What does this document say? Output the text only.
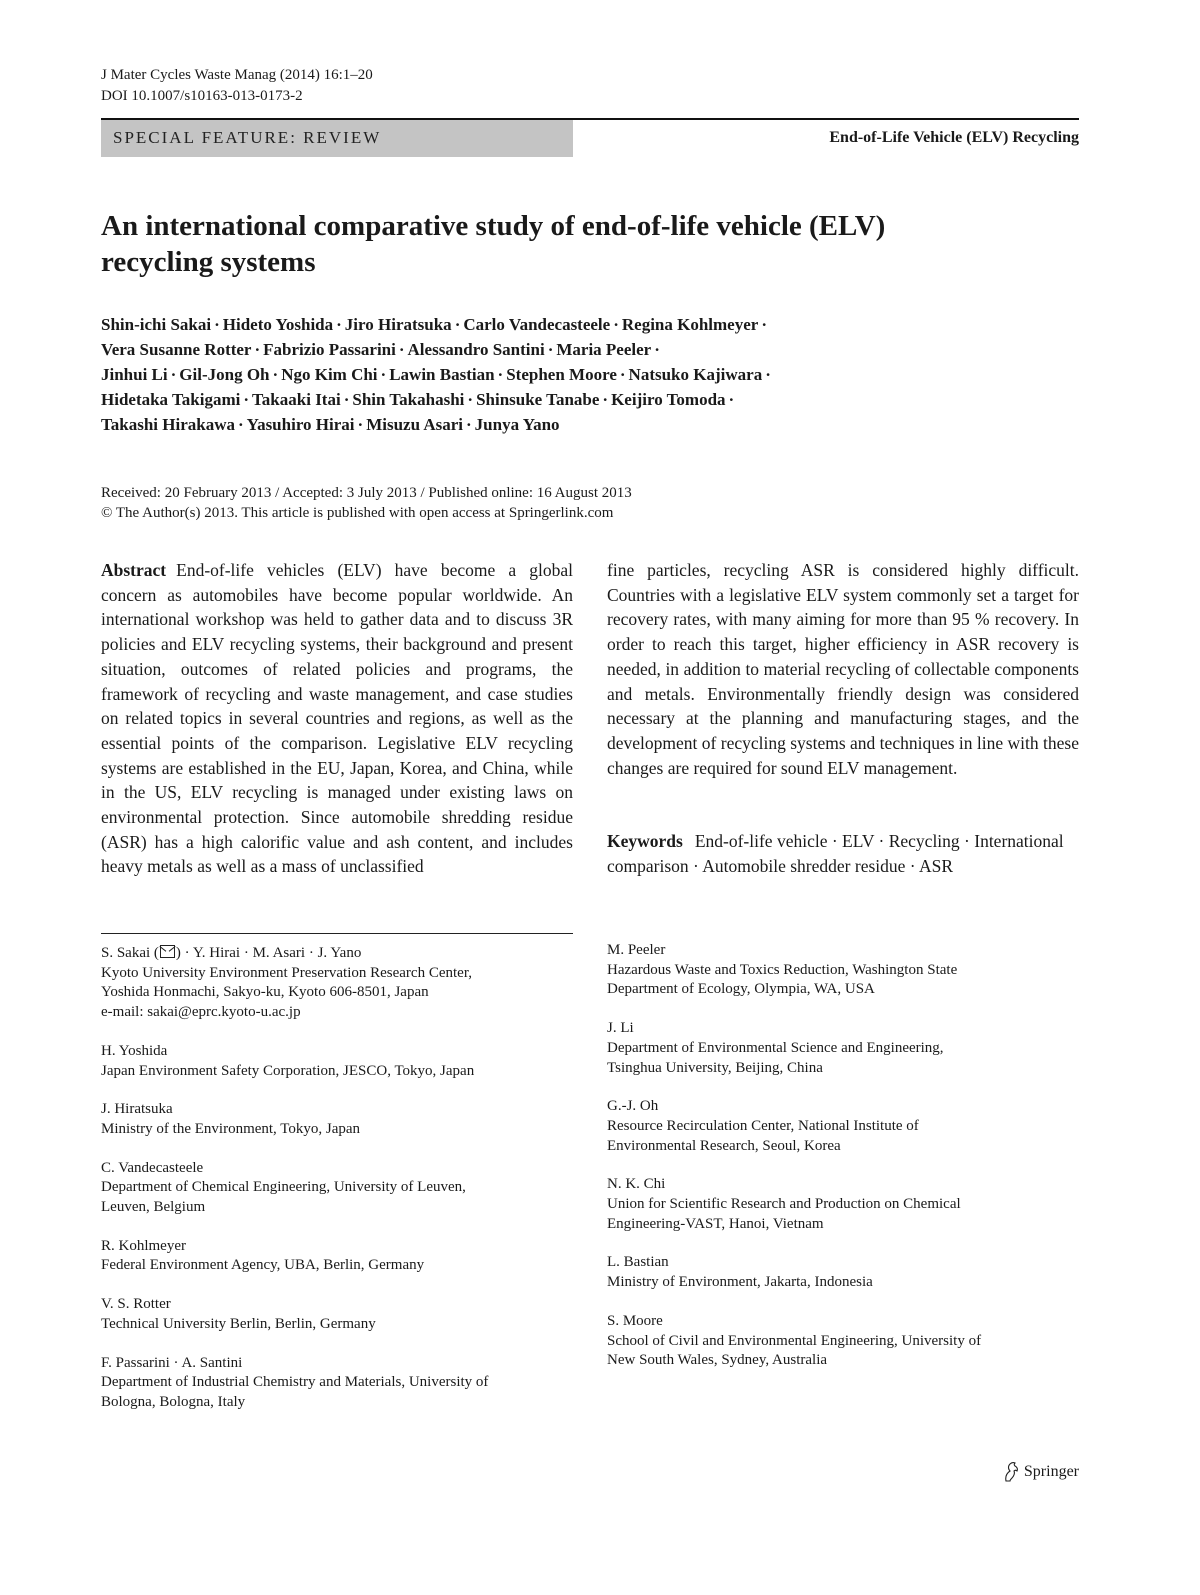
J Mater Cycles Waste Manag (2014) 16:1–20
DOI 10.1007/s10163-013-0173-2
SPECIAL FEATURE: REVIEW	End-of-Life Vehicle (ELV) Recycling
An international comparative study of end-of-life vehicle (ELV)
recycling systems
Shin-ichi Sakai · Hideto Yoshida · Jiro Hiratsuka · Carlo Vandecasteele · Regina Kohlmeyer ·
Vera Susanne Rotter · Fabrizio Passarini · Alessandro Santini · Maria Peeler ·
Jinhui Li · Gil-Jong Oh · Ngo Kim Chi · Lawin Bastian · Stephen Moore · Natsuko Kajiwara ·
Hidetaka Takigami · Takaaki Itai · Shin Takahashi · Shinsuke Tanabe · Keijiro Tomoda ·
Takashi Hirakawa · Yasuhiro Hirai · Misuzu Asari · Junya Yano
Received: 20 February 2013 / Accepted: 3 July 2013 / Published online: 16 August 2013
© The Author(s) 2013. This article is published with open access at Springerlink.com
Abstract End-of-life vehicles (ELV) have become a global concern as automobiles have become popular worldwide. An international workshop was held to gather data and to discuss 3R policies and ELV recycling systems, their background and present situation, outcomes of related policies and programs, the framework of recycling and waste management, and case studies on related topics in several countries and regions, as well as the essential points of the comparison. Legislative ELV recycling systems are established in the EU, Japan, Korea, and China, while in the US, ELV recycling is managed under existing laws on environmental protection. Since automobile shredding residue (ASR) has a high calorific value and ash content, and includes heavy metals as well as a mass of unclassified
fine particles, recycling ASR is considered highly difficult. Countries with a legislative ELV system commonly set a target for recovery rates, with many aiming for more than 95 % recovery. In order to reach this target, higher efficiency in ASR recovery is needed, in addition to material recycling of collectable components and metals. Environmentally friendly design was considered necessary at the planning and manufacturing stages, and the development of recycling systems and techniques in line with these changes are required for sound ELV management.
Keywords End-of-life vehicle · ELV · Recycling · International comparison · Automobile shredder residue · ASR
S. Sakai ( ) · Y. Hirai · M. Asari · J. Yano
Kyoto University Environment Preservation Research Center,
Yoshida Honmachi, Sakyo-ku, Kyoto 606-8501, Japan
e-mail: sakai@eprc.kyoto-u.ac.jp
H. Yoshida
Japan Environment Safety Corporation, JESCO, Tokyo, Japan
J. Hiratsuka
Ministry of the Environment, Tokyo, Japan
C. Vandecasteele
Department of Chemical Engineering, University of Leuven,
Leuven, Belgium
R. Kohlmeyer
Federal Environment Agency, UBA, Berlin, Germany
V. S. Rotter
Technical University Berlin, Berlin, Germany
F. Passarini · A. Santini
Department of Industrial Chemistry and Materials, University of
Bologna, Bologna, Italy
M. Peeler
Hazardous Waste and Toxics Reduction, Washington State
Department of Ecology, Olympia, WA, USA
J. Li
Department of Environmental Science and Engineering,
Tsinghua University, Beijing, China
G.-J. Oh
Resource Recirculation Center, National Institute of
Environmental Research, Seoul, Korea
N. K. Chi
Union for Scientific Research and Production on Chemical
Engineering-VAST, Hanoi, Vietnam
L. Bastian
Ministry of Environment, Jakarta, Indonesia
S. Moore
School of Civil and Environmental Engineering, University of
New South Wales, Sydney, Australia
Springer
